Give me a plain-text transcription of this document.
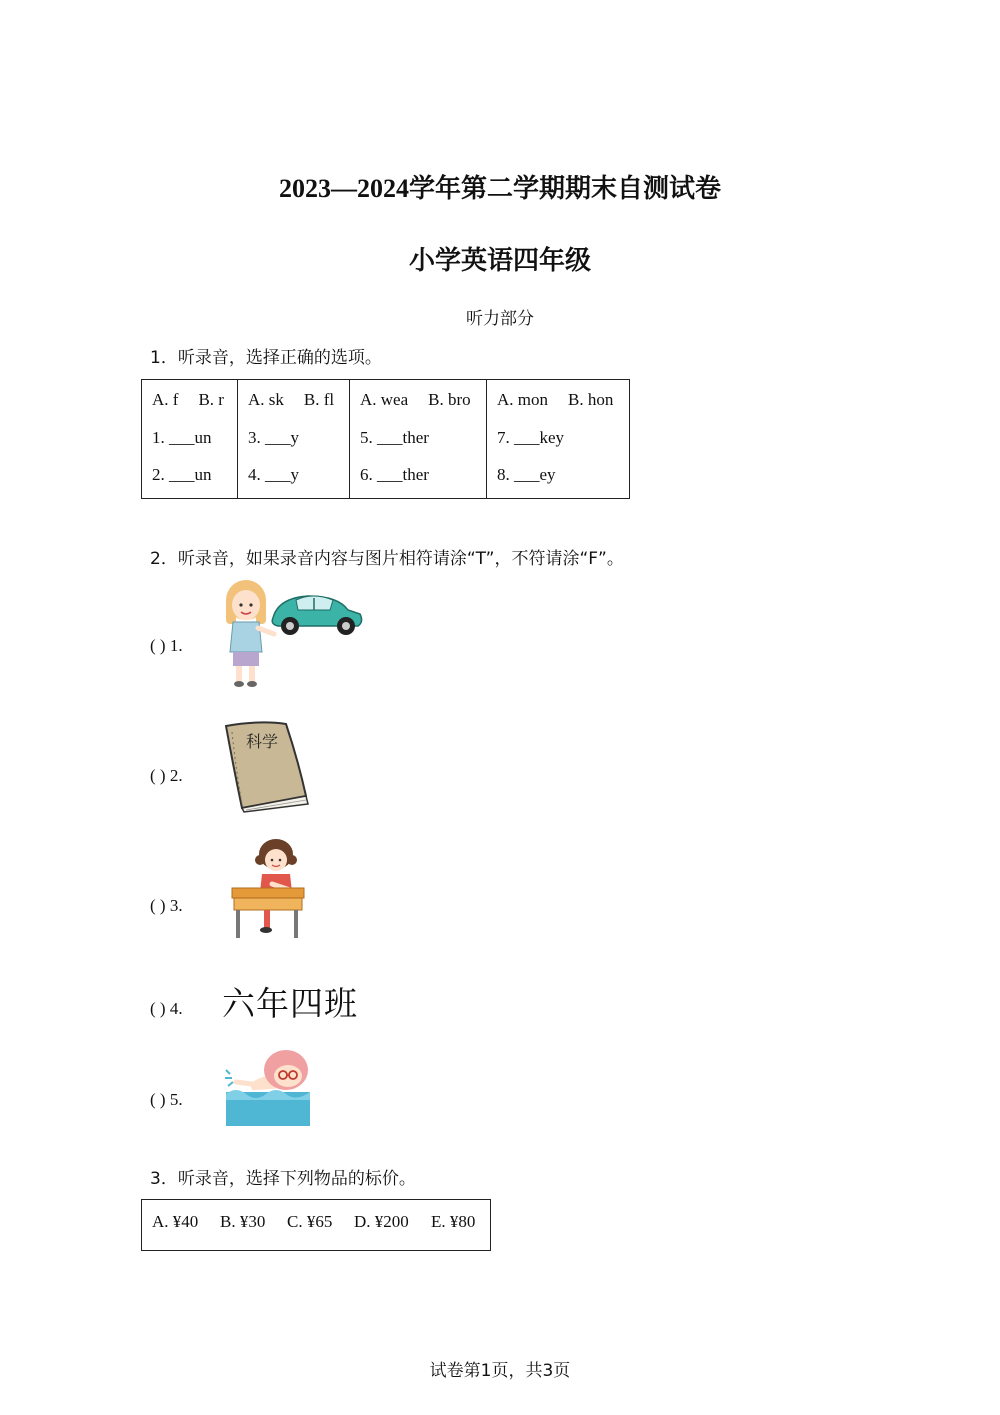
2023—2024学年第二学期期末自测试卷
小学英语四年级
听力部分
1．听录音，选择正确的选项。
A. f B. r
1. ___un
2. ___un

A. sk B. fl
3. ___y
4. ___y

A. wea B. bro
5. ___ther
6. ___ther

A. mon B. hon
7. ___key
8. ___ey
2．听录音，如果录音内容与图片相符请涂“T”，不符请涂“F”。
( ) 1.
( ) 2.
科学
( ) 3.
( ) 4. 六年四班
( ) 5.
3．听录音，选择下列物品的标价。
A. ¥40 B. ¥30 C. ¥65 D. ¥200 E. ¥80
试卷第1页，共3页
